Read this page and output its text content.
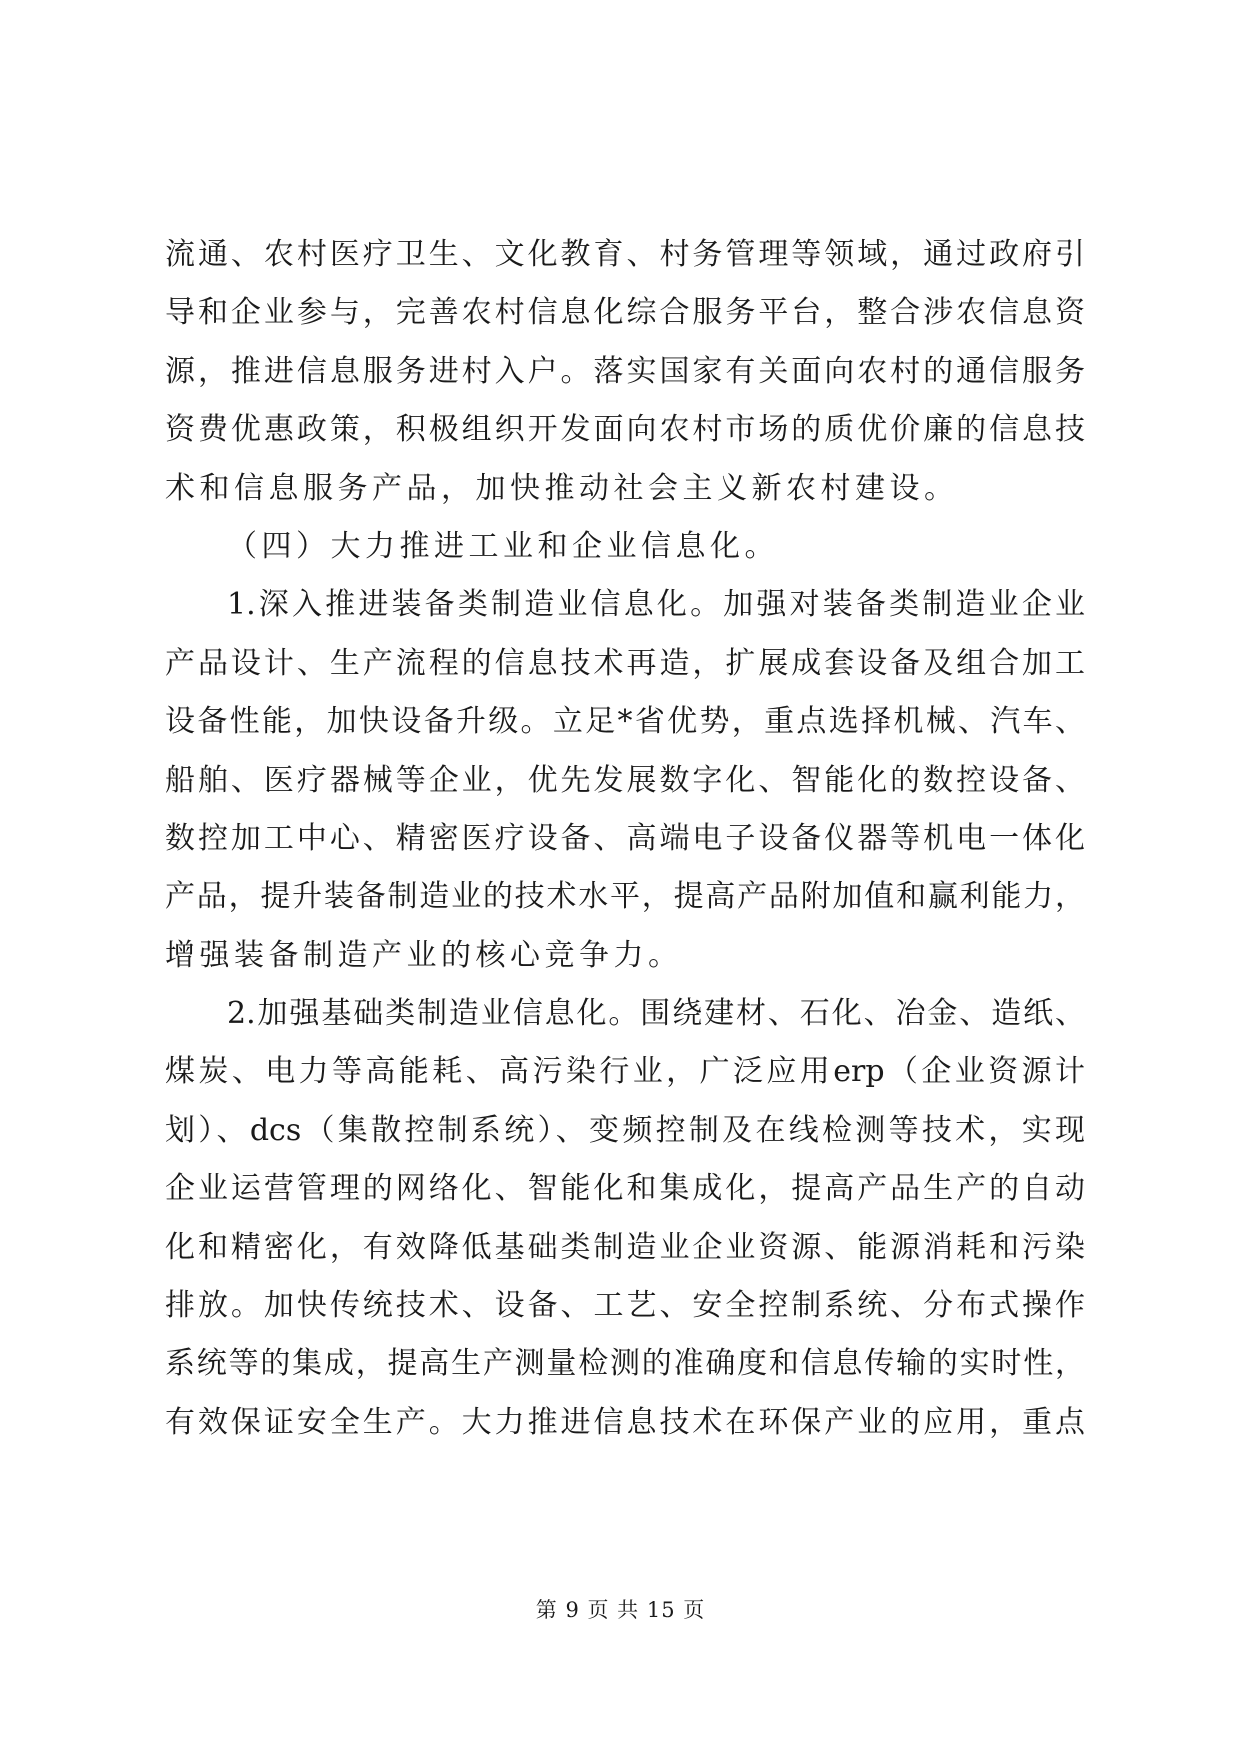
流通、农村医疗卫生、文化教育、村务管理等领域，通过政府引
导和企业参与，完善农村信息化综合服务平台，整合涉农信息资
源，推进信息服务进村入户。落实国家有关面向农村的通信服务
资费优惠政策，积极组织开发面向农村市场的质优价廉的信息技
术和信息服务产品，加快推动社会主义新农村建设。
（四）大力推进工业和企业信息化。
1.深入推进装备类制造业信息化。加强对装备类制造业企业
产品设计、生产流程的信息技术再造，扩展成套设备及组合加工
设备性能，加快设备升级。立足*省优势，重点选择机械、汽车、
船舶、医疗器械等企业，优先发展数字化、智能化的数控设备、
数控加工中心、精密医疗设备、高端电子设备仪器等机电一体化
产品，提升装备制造业的技术水平，提高产品附加值和赢利能力，
增强装备制造产业的核心竞争力。
2.加强基础类制造业信息化。围绕建材、石化、冶金、造纸、
煤炭、电力等高能耗、高污染行业，广泛应用erp（企业资源计
划）、dcs（集散控制系统）、变频控制及在线检测等技术，实现
企业运营管理的网络化、智能化和集成化，提高产品生产的自动
化和精密化，有效降低基础类制造业企业资源、能源消耗和污染
排放。加快传统技术、设备、工艺、安全控制系统、分布式操作
系统等的集成，提高生产测量检测的准确度和信息传输的实时性，
有效保证安全生产。大力推进信息技术在环保产业的应用，重点
第 9 页 共 15 页
